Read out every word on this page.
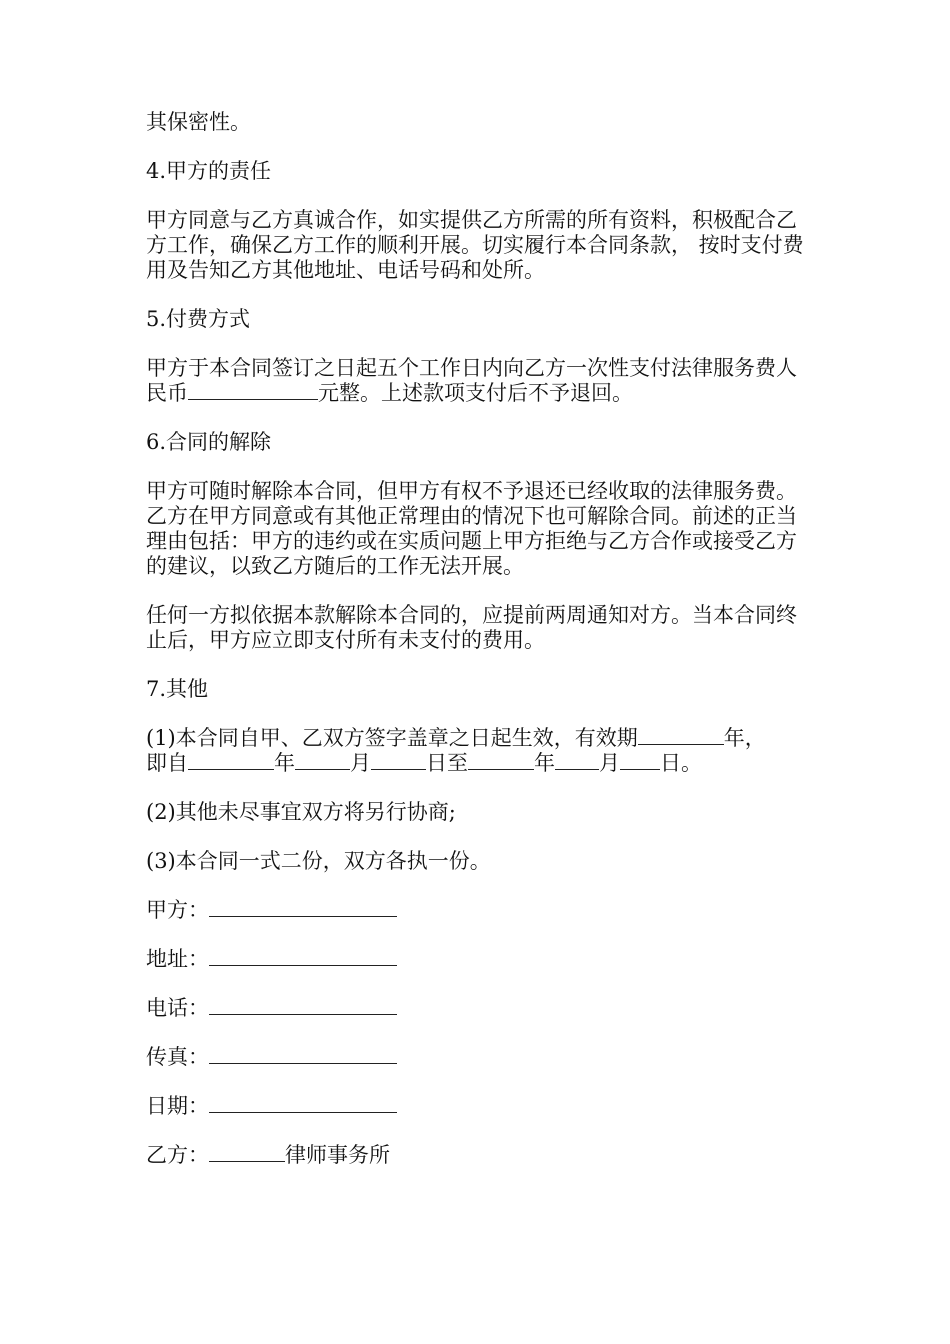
其保密性。

4.甲方的责任

甲方同意与乙方真诚合作，如实提供乙方所需的所有资料，积极配合乙方工作，确保乙方工作的顺利开展。切实履行本合同条款， 按时支付费用及告知乙方其他地址、电话号码和处所。

5.付费方式

甲方于本合同签订之日起五个工作日内向乙方一次性支付法律服务费人民币	元整。上述款项支付后不予退回。

6.合同的解除

甲方可随时解除本合同，但甲方有权不予退还已经收取的法律服务费。乙方在甲方同意或有其他正常理由的情况下也可解除合同。前述的正当理由包括：甲方的违约或在实质问题上甲方拒绝与乙方合作或接受乙方的建议，以致乙方随后的工作无法开展。

任何一方拟依据本款解除本合同的，应提前两周通知对方。当本合同终止后，甲方应立即支付所有未支付的费用。

7.其他

(1)本合同自甲、乙双方签字盖章之日起生效，有效期	年，
即自	年	月	日至	年 月 日。

(2)其他未尽事宜双方将另行协商;

(3)本合同一式二份，双方各执一份。

甲方：
地址：
电话：
传真：
日期：
乙方：	律师事务所
